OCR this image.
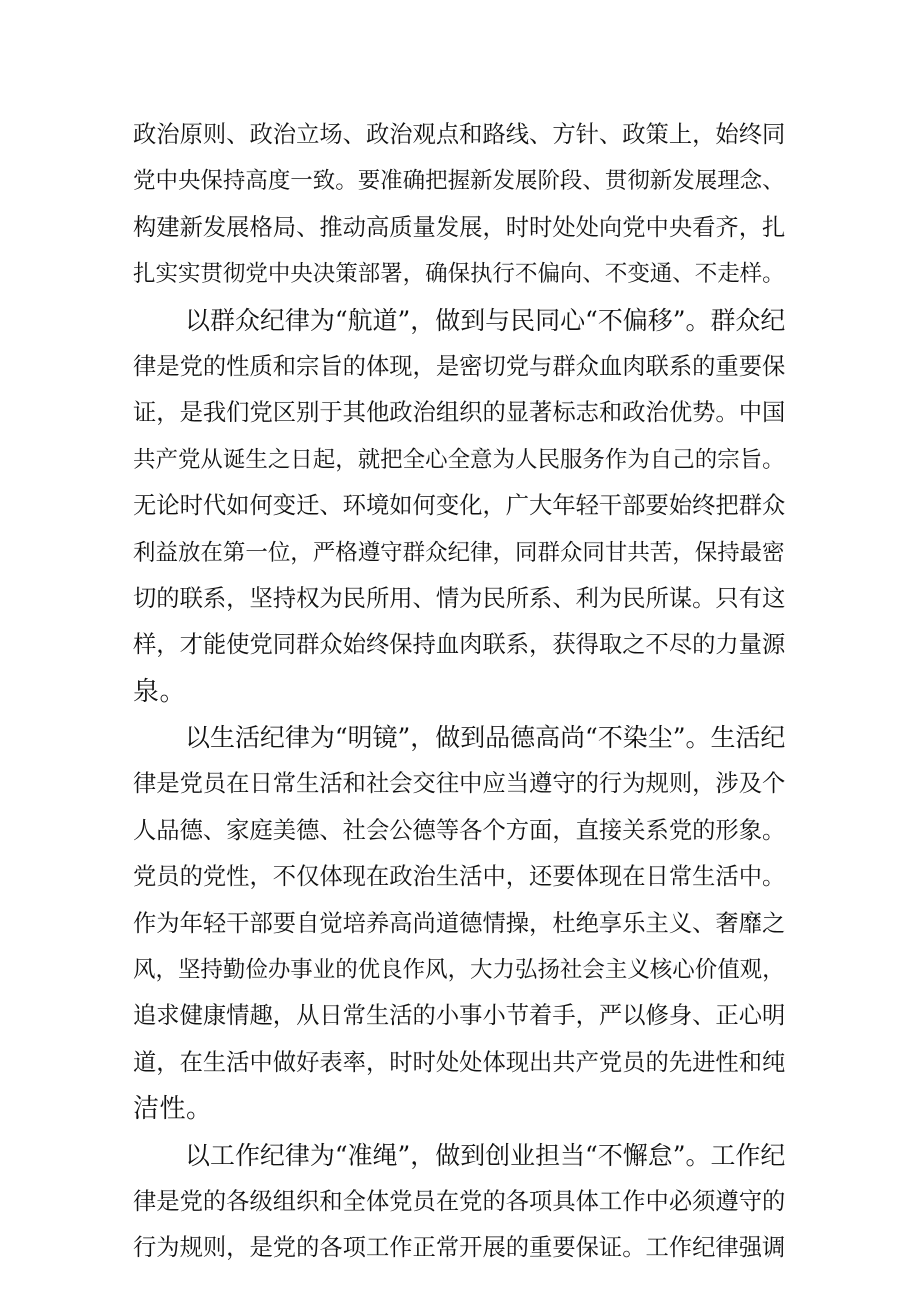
政治原则、政治立场、政治观点和路线、方针、政策上，始终同
党中央保持高度一致。要准确把握新发展阶段、贯彻新发展理念、
构建新发展格局、推动高质量发展，时时处处向党中央看齐，扎
扎实实贯彻党中央决策部署，确保执行不偏向、不变通、不走样。
以群众纪律为“航道”，做到与民同心“不偏移”。群众纪
律是党的性质和宗旨的体现，是密切党与群众血肉联系的重要保
证，是我们党区别于其他政治组织的显著标志和政治优势。中国
共产党从诞生之日起，就把全心全意为人民服务作为自己的宗旨。
无论时代如何变迁、环境如何变化，广大年轻干部要始终把群众
利益放在第一位，严格遵守群众纪律，同群众同甘共苦，保持最密
切的联系，坚持权为民所用、情为民所系、利为民所谋。只有这
样，才能使党同群众始终保持血肉联系，获得取之不尽的力量源
泉。
以生活纪律为“明镜”，做到品德高尚“不染尘”。生活纪
律是党员在日常生活和社会交往中应当遵守的行为规则，涉及个
人品德、家庭美德、社会公德等各个方面，直接关系党的形象。
党员的党性，不仅体现在政治生活中，还要体现在日常生活中。
作为年轻干部要自觉培养高尚道德情操，杜绝享乐主义、奢靡之
风，坚持勤俭办事业的优良作风，大力弘扬社会主义核心价值观，
追求健康情趣，从日常生活的小事小节着手，严以修身、正心明
道，在生活中做好表率，时时处处体现出共产党员的先进性和纯
洁性。
以工作纪律为“准绳”，做到创业担当“不懈怠”。工作纪
律是党的各级组织和全体党员在党的各项具体工作中必须遵守的
行为规则，是党的各项工作正常开展的重要保证。工作纪律强调
